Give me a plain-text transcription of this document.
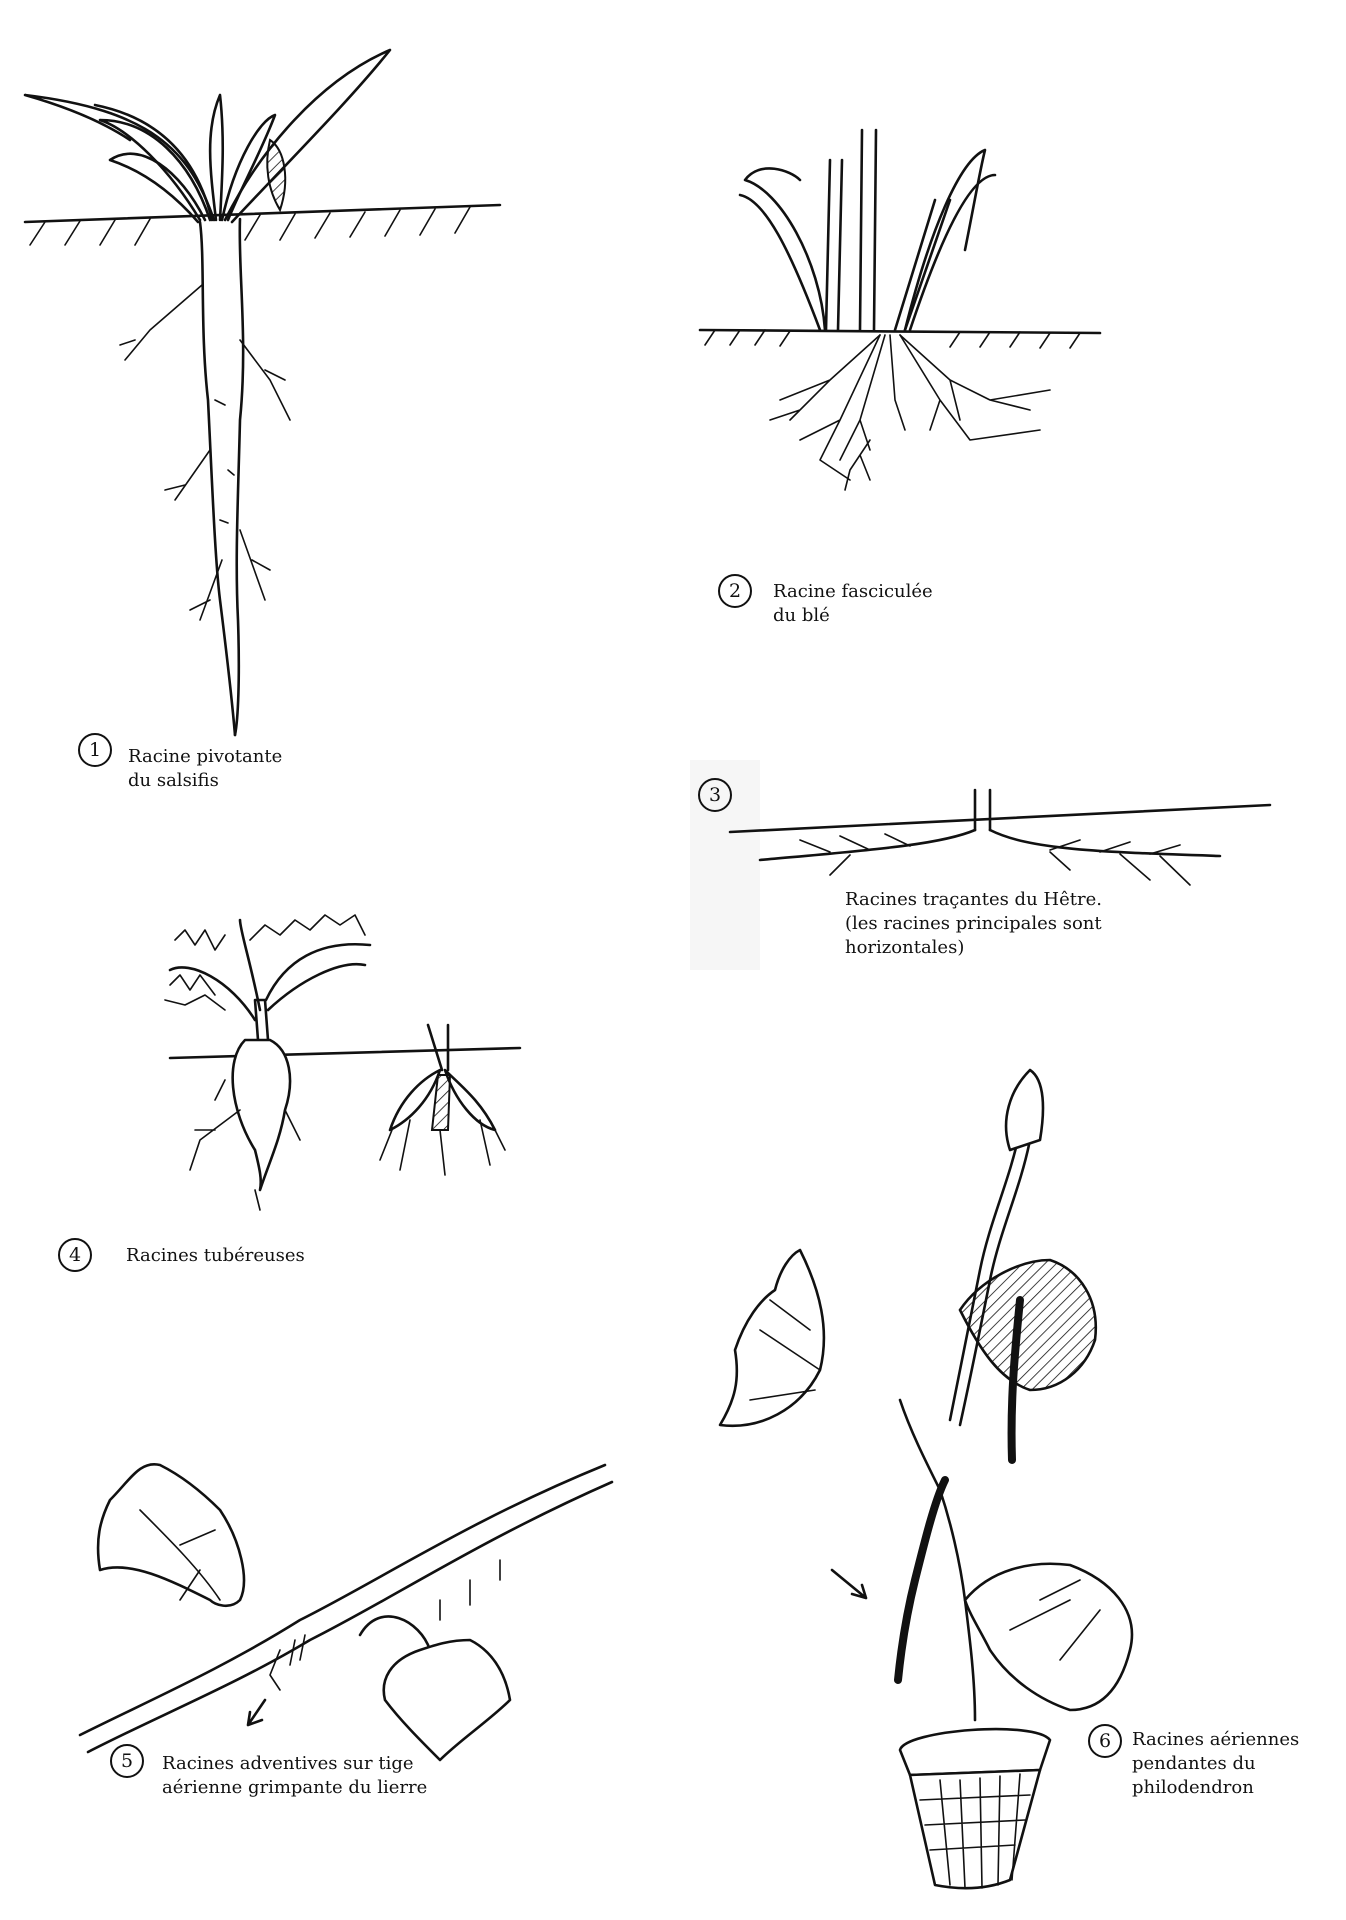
1	Racine pivotante
du salsifis
2	Racine fasciculée
du blé
3
Racines traçantes du Hêtre.
(les racines principales sont
horizontales)
4	Racines tubéreuses
5	Racines adventives sur tige
aérienne grimpante du lierre
6	Racines aériennes
pendantes du
philodendron
